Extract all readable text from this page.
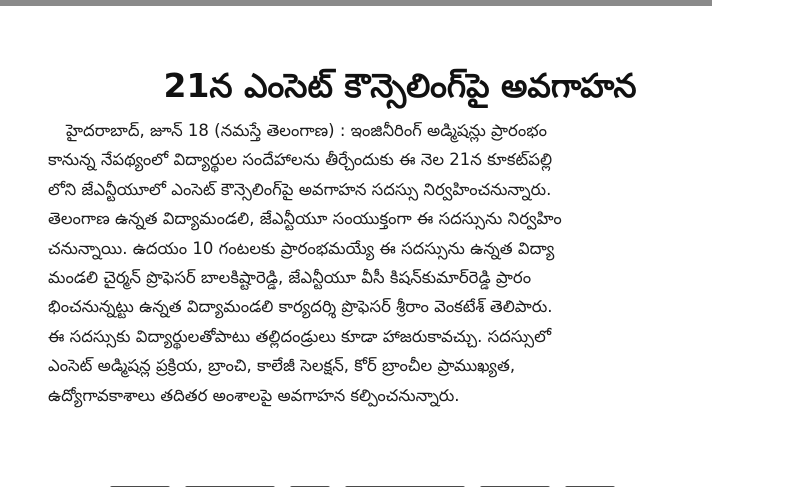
21న ఎంసెట్ కౌన్సెలింగ్‌పై అవగాహన
హైదరాబాద్, జూన్ 18 (నమస్తే తెలంగాణ) : ఇంజినీరింగ్ అడ్మిషన్లు ప్రారంభం
కానున్న నేపథ్యంలో విద్యార్థుల సందేహాలను తీర్చేందుకు ఈ నెల 21న కూకట్‌పల్లి
లోని జేఎన్టీయూలో ఎంసెట్ కౌన్సెలింగ్‌పై అవగాహన సదస్సు నిర్వహించనున్నారు.
తెలంగాణ ఉన్నత విద్యామండలి, జేఎన్టీయూ సంయుక్తంగా ఈ సదస్సును నిర్వహిం
చనున్నాయి. ఉదయం 10 గంటలకు ప్రారంభమయ్యే ఈ సదస్సును ఉన్నత విద్యా
మండలి చైర్మన్ ప్రొఫెసర్ బాలకిష్టారెడ్డి, జేఎన్టీయూ వీసీ కిషన్‌కుమార్‌రెడ్డి ప్రారం
భించనున్నట్టు ఉన్నత విద్యామండలి కార్యదర్శి ప్రొఫెసర్ శ్రీరాం వెంకటేశ్ తెలిపారు.
ఈ సదస్సుకు విద్యార్థులతోపాటు తల్లిదండ్రులు కూడా హాజరుకావచ్చు. సదస్సులో
ఎంసెట్ అడ్మిషన్ల ప్రక్రియ, బ్రాంచి, కాలేజీ సెలక్షన్, కోర్ బ్రాంచీల ప్రాముఖ్యత,
ఉద్యోగావకాశాలు తదితర అంశాలపై అవగాహన కల్పించనున్నారు.
